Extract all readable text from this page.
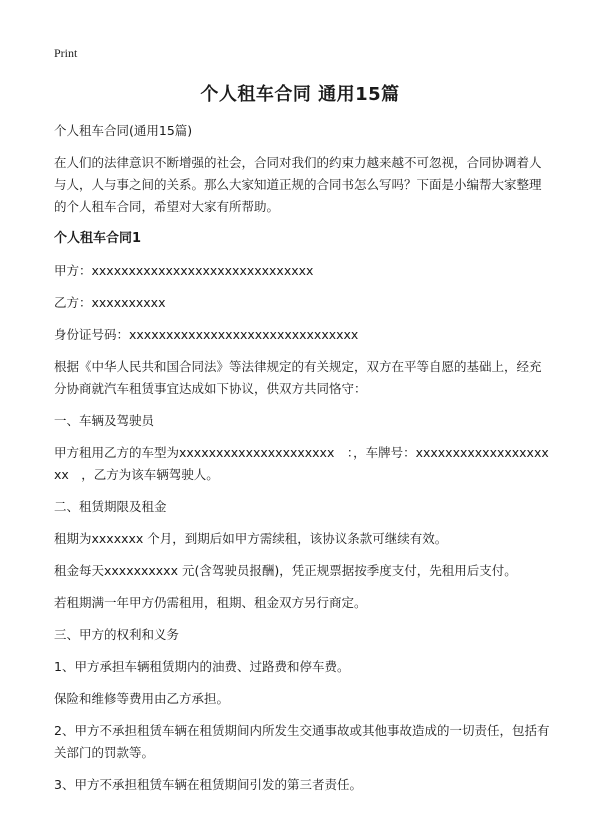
Print
个人租车合同 通用15篇
个人租车合同(通用15篇)
在人们的法律意识不断增强的社会，合同对我们的约束力越来越不可忽视，合同协调着人与人，人与事之间的关系。那么大家知道正规的合同书怎么写吗？下面是小编帮大家整理的个人租车合同，希望对大家有所帮助。
个人租车合同1
甲方：xxxxxxxxxxxxxxxxxxxxxxxxxxxxxx
乙方：xxxxxxxxxx
身份证号码：xxxxxxxxxxxxxxxxxxxxxxxxxxxxxxx
根据《中华人民共和国合同法》等法律规定的有关规定，双方在平等自愿的基础上，经充分协商就汽车租赁事宜达成如下协议，供双方共同恪守：
一、车辆及驾驶员
甲方租用乙方的车型为xxxxxxxxxxxxxxxxxxxxx　：，车牌号：xxxxxxxxxxxxxxxxxxxx　，乙方为该车辆驾驶人。
二、租赁期限及租金
租期为xxxxxxx 个月，到期后如甲方需续租，该协议条款可继续有效。
租金每天xxxxxxxxxx 元(含驾驶员报酬)，凭正规票据按季度支付，先租用后支付。
若租期满一年甲方仍需租用，租期、租金双方另行商定。
三、甲方的权利和义务
1、甲方承担车辆租赁期内的油费、过路费和停车费。
保险和维修等费用由乙方承担。
2、甲方不承担租赁车辆在租赁期间内所发生交通事故或其他事故造成的一切责任，包括有关部门的罚款等。
3、甲方不承担租赁车辆在租赁期间引发的第三者责任。
